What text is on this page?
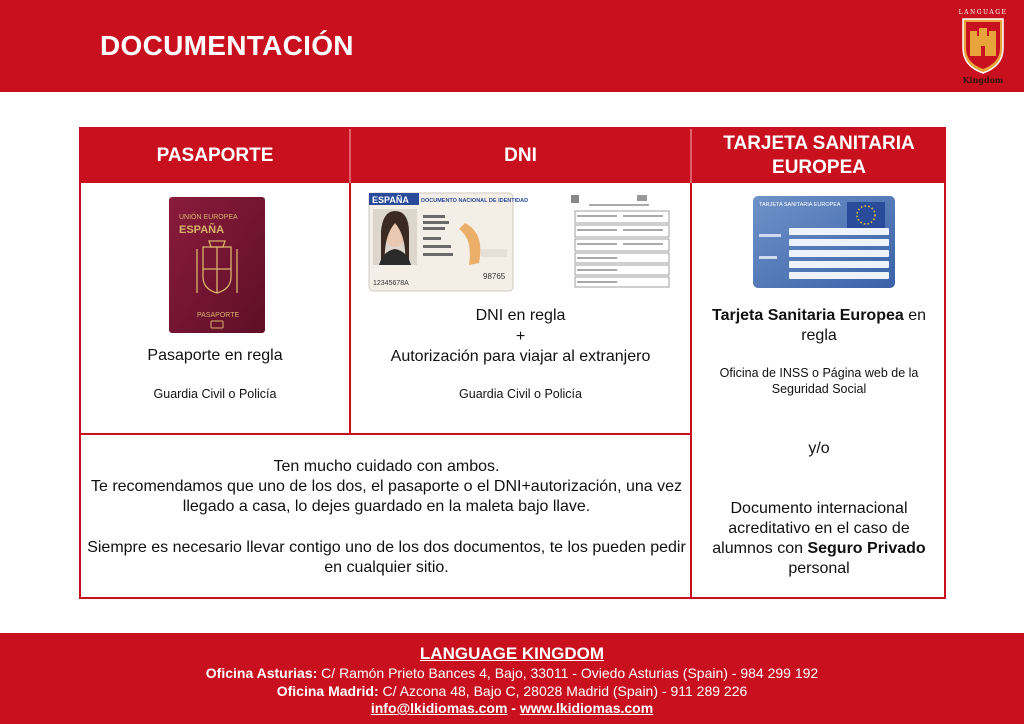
DOCUMENTACIÓN
LANGUAGE
Kingdom
PASAPORTE	DNI
TARJETA SANITARIA EUROPEA
UNIÓN EUROPEA
ESPAÑA
PASAPORTE
Pasaporte en regla
Guardia Civil o Policía
ESPAÑA DOCUMENTO NACIONAL DE IDENTIDAD
98765
12345678A
DNI en regla
+
Autorización para viajar al extranjero
Guardia Civil o Policía
TARJETA SANITARIA EUROPEA
Tarjeta Sanitaria Europea en regla
Oficina de INSS o Página web de la Seguridad Social
y/o
Documento internacional acreditativo en el caso de alumnos con Seguro Privado personal
Ten mucho cuidado con ambos.
Te recomendamos que uno de los dos, el pasaporte o el DNI+autorización, una vez llegado a casa, lo dejes guardado en la maleta bajo llave.
Siempre es necesario llevar contigo uno de los dos documentos, te los pueden pedir en cualquier sitio.
LANGUAGE KINGDOM
Oficina Asturias: C/ Ramón Prieto Bances 4, Bajo, 33011 - Oviedo Asturias (Spain) - 984 299 192
Oficina Madrid: C/ Azcona 48, Bajo C, 28028 Madrid (Spain) - 911 289 226
info@lkidiomas.com - www.lkidiomas.com
